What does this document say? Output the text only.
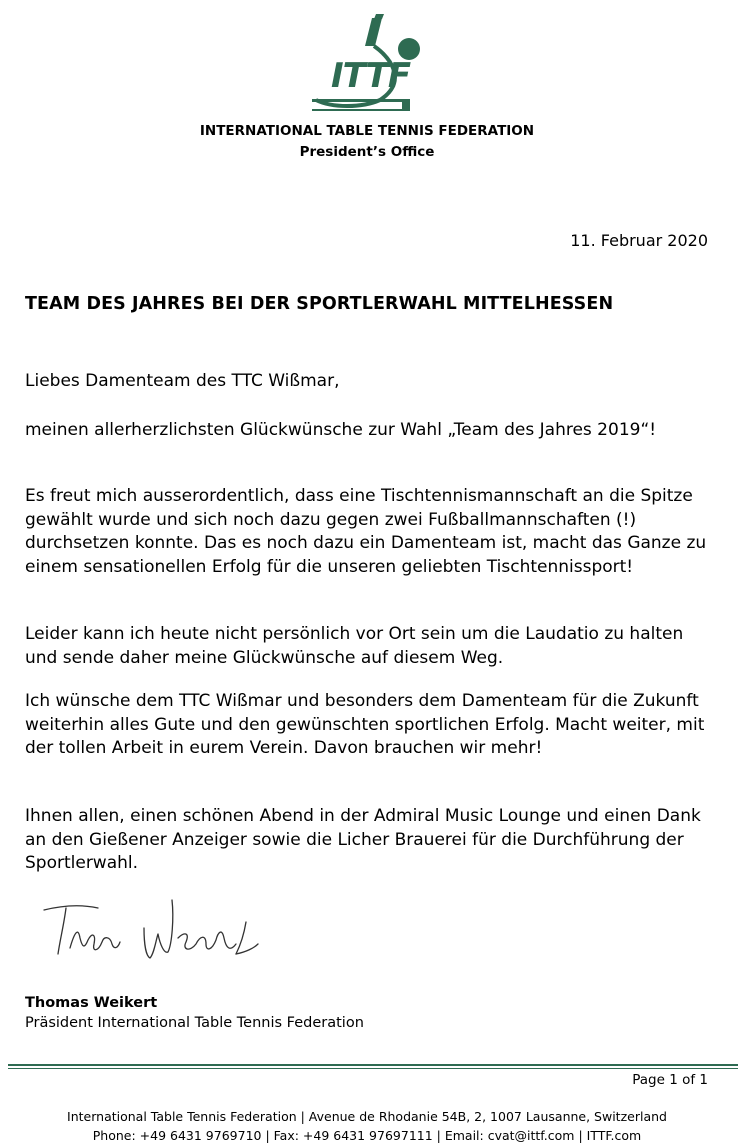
ITTF
INTERNATIONAL TABLE TENNIS FEDERATION
President’s Office
11. Februar 2020
TEAM DES JAHRES BEI DER SPORTLERWAHL MITTELHESSEN
Liebes Damenteam des TTC Wißmar,
meinen allerherzlichsten Glückwünsche zur Wahl „Team des Jahres 2019“!
Es freut mich ausserordentlich, dass eine Tischtennismannschaft an die Spitze gewählt wurde und sich noch dazu gegen zwei Fußballmannschaften (!) durchsetzen konnte. Das es noch dazu ein Damenteam ist, macht das Ganze zu einem sensationellen Erfolg für die unseren geliebten Tischtennissport!
Leider kann ich heute nicht persönlich vor Ort sein um die Laudatio zu halten und sende daher meine Glückwünsche auf diesem Weg.
Ich wünsche dem TTC Wißmar und besonders dem Damenteam für die Zukunft weiterhin alles Gute und den gewünschten sportlichen Erfolg. Macht weiter, mit der tollen Arbeit in eurem Verein. Davon brauchen wir mehr!
Ihnen allen, einen schönen Abend in der Admiral Music Lounge und einen Dank an den Gießener Anzeiger sowie die Licher Brauerei für die Durchführung der Sportlerwahl.
Thomas Weikert
Präsident International Table Tennis Federation
Page 1 of 1
International Table Tennis Federation | Avenue de Rhodanie 54B, 2, 1007 Lausanne, Switzerland
Phone: +49 6431 9769710 | Fax: +49 6431 97697111 | Email: cvat@ittf.com | ITTF.com
